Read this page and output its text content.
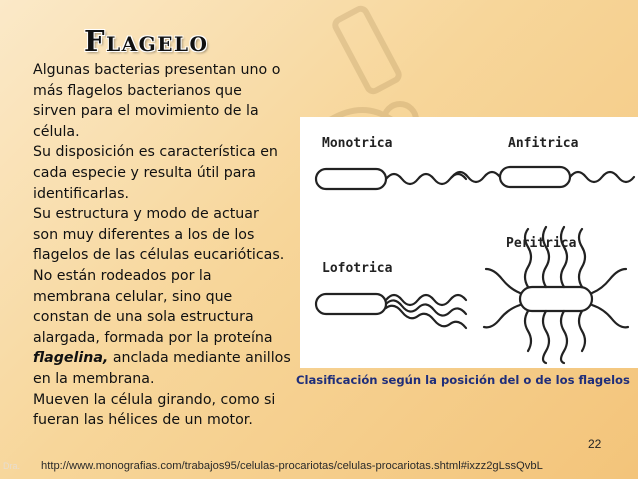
Flagelo
Algunas bacterias presentan uno o
más flagelos bacterianos que
sirven para el movimiento de la
célula.
Su disposición es característica en
cada especie y resulta útil para
identificarlas.
Su estructura y modo de actuar
son muy diferentes a los de los
flagelos de las células eucarióticas.
No están rodeados por la
membrana celular, sino que
constan de una sola estructura
alargada, formada por la proteína
flagelina, anclada mediante anillos
en la membrana.
Mueven la célula girando, como si
fueran las hélices de un motor.
Monotrica	Anfitrica
Lofotrica
Peritrica
Clasificación según la posición del o de los flagelos
22
Dra. http://www.monografias.com/trabajos95/celulas-procariotas/celulas-procariotas.shtml#ixzz2gLssQvbL
